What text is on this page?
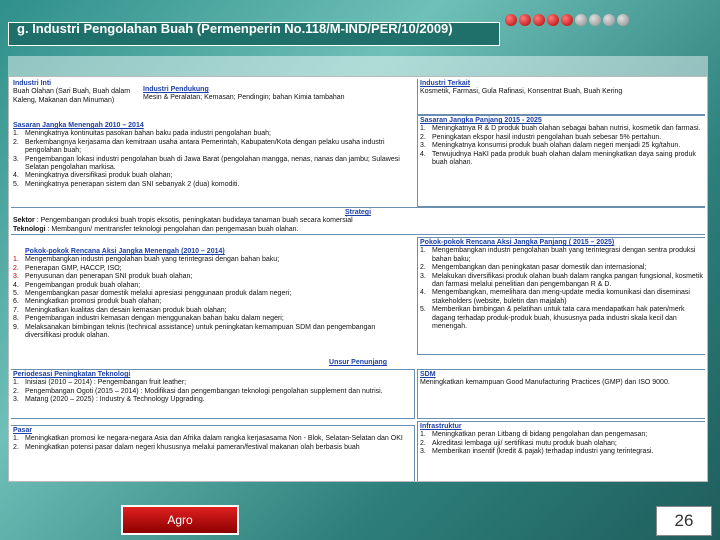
g. Industri Pengolahan Buah (Permenperin No.118/M-IND/PER/10/2009)
Industri Inti
Buah Olahan (Sari Buah, Buah dalam Kaleng, Makanan dan Minuman)
Industri Pendukung
Mesin & Peralatan; Kemasan; Pendingin; bahan Kimia tambahan
Industri Terkait
Kosmetik, Farmasi, Gula Rafinasi, Konsentrat Buah, Buah Kering
Sasaran Jangka Menengah 2010 – 2014
1. Meningkatnya kontinuitas pasokan bahan baku pada industri pengolahan buah;
2. Berkembangnya kerjasama dan kemitraan usaha antara Pemerintah, Kabupaten/Kota dengan pelaku usaha industri pengolahan buah;
3. Pengembangan lokasi industri pengolahan buah di Jawa Barat (pengolahan mangga, nenas, nanas dan jambu; Sulawesi Selatan pengolahan markisa.
4. Meningkatnya diversifikasi produk buah olahan;
5. Meningkatnya penerapan sistem dan SNI sebanyak 2 (dua) komoditi.
Sasaran Jangka Panjang 2015 - 2025
1. Meningkatnya R & D produk buah olahan sebagai bahan nutrisi, kosmetik dan farmasi.
2. Peningkatan ekspor hasil industri pengolahan buah sebesar 5% pertahun.
3. Meningkatnya konsumsi produk buah olahan dalam negeri menjadi 25 kg/tahun.
4. Terwujudnya HaKI pada produk buah olahan dalam meningkatkan daya saing produk buah olahan.
Strategi
Sektor : Pengembangan produksi buah tropis eksotis, peningkatan budidaya tanaman buah secara komersial
Teknologi : Membangun/ mentransfer teknologi pengolahan dan pengemasan buah olahan.
Pokok-pokok Rencana Aksi Jangka Menengah (2010 – 2014)
1. Mengembangkan industri pengolahan buah yang terintegrasi dengan bahan baku;
2. Penerapan GMP, HACCP, ISO;
3. Penyusunan dan penerapan SNI produk buah olahan;
4. Pengembangan produk buah olahan;
5. Mengembangkan pasar domestik melalui apresiasi penggunaan produk dalam negeri;
6. Meningkatkan promosi produk buah olahan;
7. Meningkatkan kualitas dan desain kemasan produk buah olahan;
8. Pengembangan industri kemasan dengan menggunakan bahan baku dalam negeri;
9. Melaksanakan bimbingan teknis (technical assistance) untuk peningkatan kemampuan SDM dan pengembangan diversifikasi produk olahan.
Pokok-pokok Rencana Aksi Jangka Panjang ( 2015 – 2025)
1. Mengembangkan industri pengolahan buah yang terintegrasi dengan sentra produksi bahan baku;
2. Mengembangkan dan peningkatan pasar domestik dan internasional;
3. Melakukan diversifikasi produk olahan buah dalam rangka pangan fungsional, kosmetik dan farmasi melalui penelitian dan pengembangan R & D.
4. Mengembangkan, memelihara dan meng-update media komunikasi dan diseminasi stakeholders (website, buletin dan majalah)
5. Memberikan bimbingan & pelatihan untuk tata cara mendapatkan hak paten/merk dagang terhadap produk-produk buah, khususnya pada industri skala kecil dan menengah.
Unsur Penunjang
Periodesasi Peningkatan Teknologi
1. Inisiasi (2010 – 2014) : Pengembangan fruit leather;
2. Pengembangan Ogoti (2015 – 2014) : Modifikasi dan pengembangan teknologi pengolahan supplement dan nutrisi.
3. Matang (2020 – 2025) : Industry & Technology Upgrading.
SDM
Meningkatkan kemampuan Good Manufacturing Practices (GMP) dan ISO 9000.
Pasar
1. Meningkatkan promosi ke negara-negara Asia dan Afrika dalam rangka kerjasasama Non - Blok, Selatan-Selatan dan OKI
2. Meningkatkan potensi pasar dalam negeri khususnya melalui pameran/festival makanan olah berbasis buah
Infrastruktur
1. Meningkatkan peran Litbang di bidang pengolahan dan pengemasan;
2. Akreditasi lembaga uji/ sertifikasi mutu produk buah olahan;
3. Memberikan insentif (kredit & pajak) terhadap industri yang terintegrasi.
Agro	26
